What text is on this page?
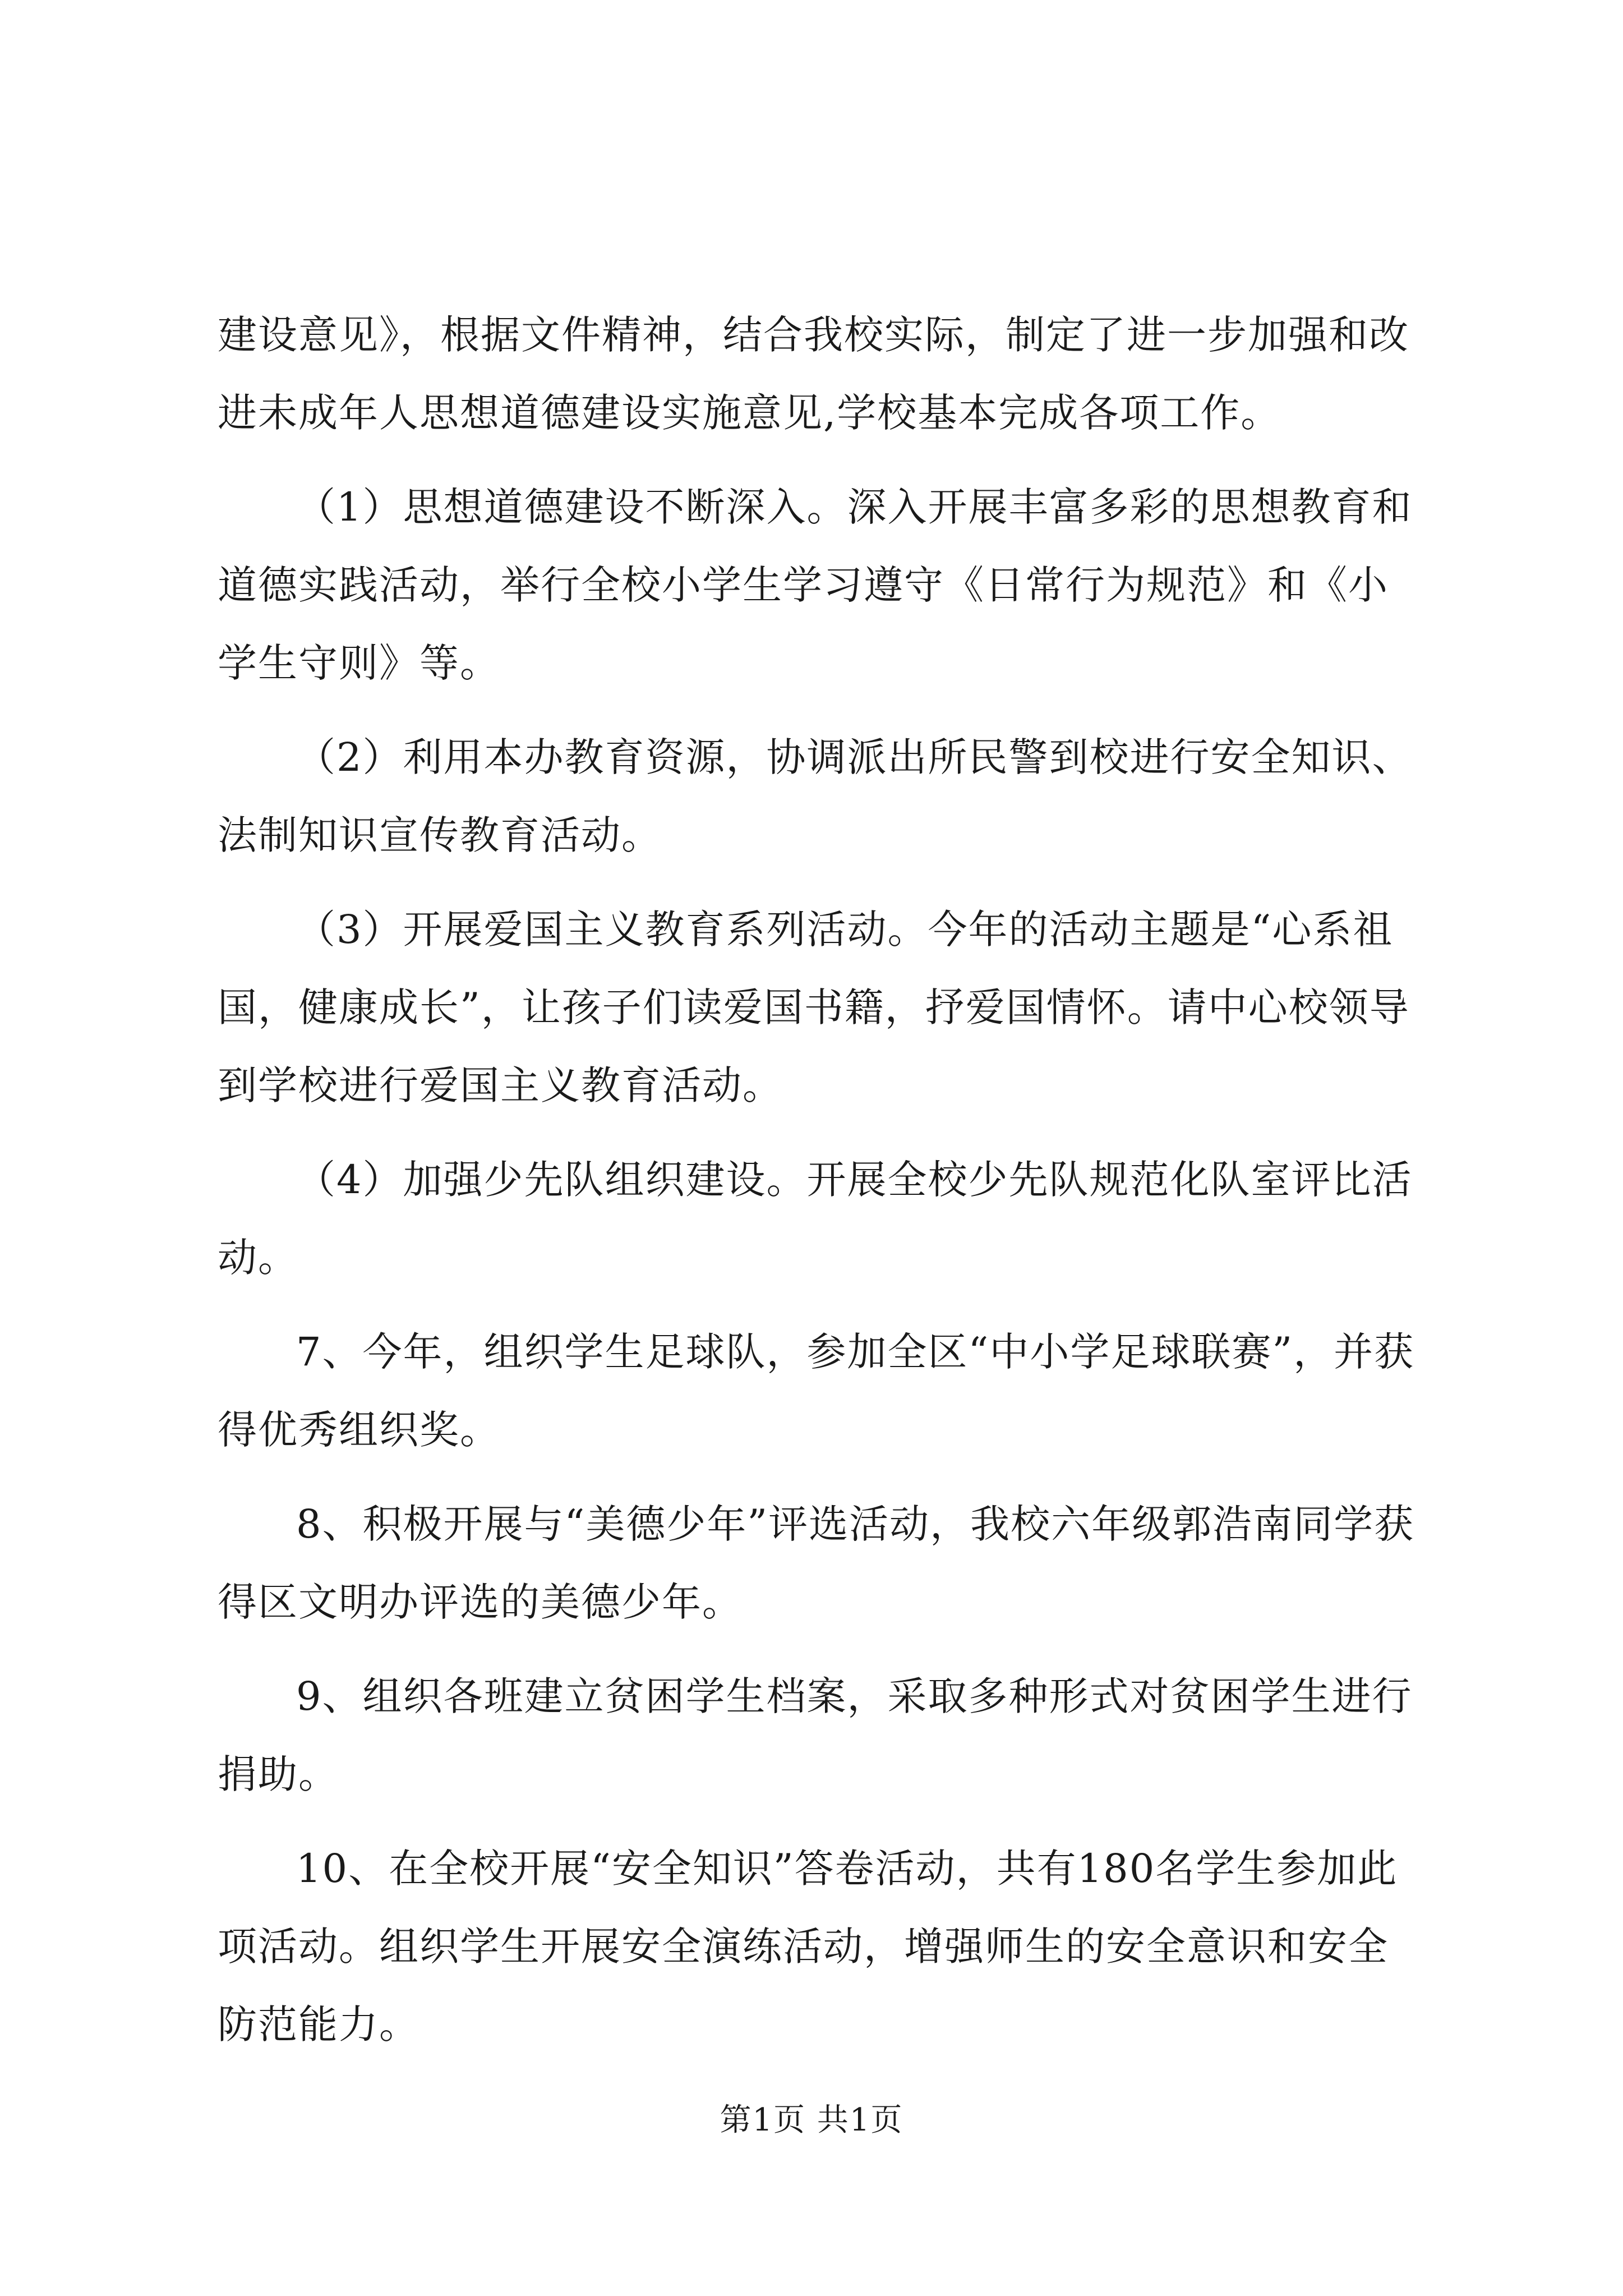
建设意见》，根据文件精神，结合我校实际，制定了进一步加强和改进未成年人思想道德建设实施意见,学校基本完成各项工作。

（1）思想道德建设不断深入。深入开展丰富多彩的思想教育和道德实践活动，举行全校小学生学习遵守《日常行为规范》和《小学生守则》等。

（2）利用本办教育资源，协调派出所民警到校进行安全知识、法制知识宣传教育活动。

（3）开展爱国主义教育系列活动。今年的活动主题是“心系祖国，健康成长”，让孩子们读爱国书籍，抒爱国情怀。请中心校领导到学校进行爱国主义教育活动。

（4）加强少先队组织建设。开展全校少先队规范化队室评比活动。

7、今年，组织学生足球队，参加全区“中小学足球联赛”，并获得优秀组织奖。

8、积极开展与“美德少年”评选活动，我校六年级郭浩南同学获得区文明办评选的美德少年。

9、组织各班建立贫困学生档案，采取多种形式对贫困学生进行捐助。

10、在全校开展“安全知识”答卷活动，共有180名学生参加此项活动。组织学生开展安全演练活动，增强师生的安全意识和安全防范能力。

第1页 共1页
